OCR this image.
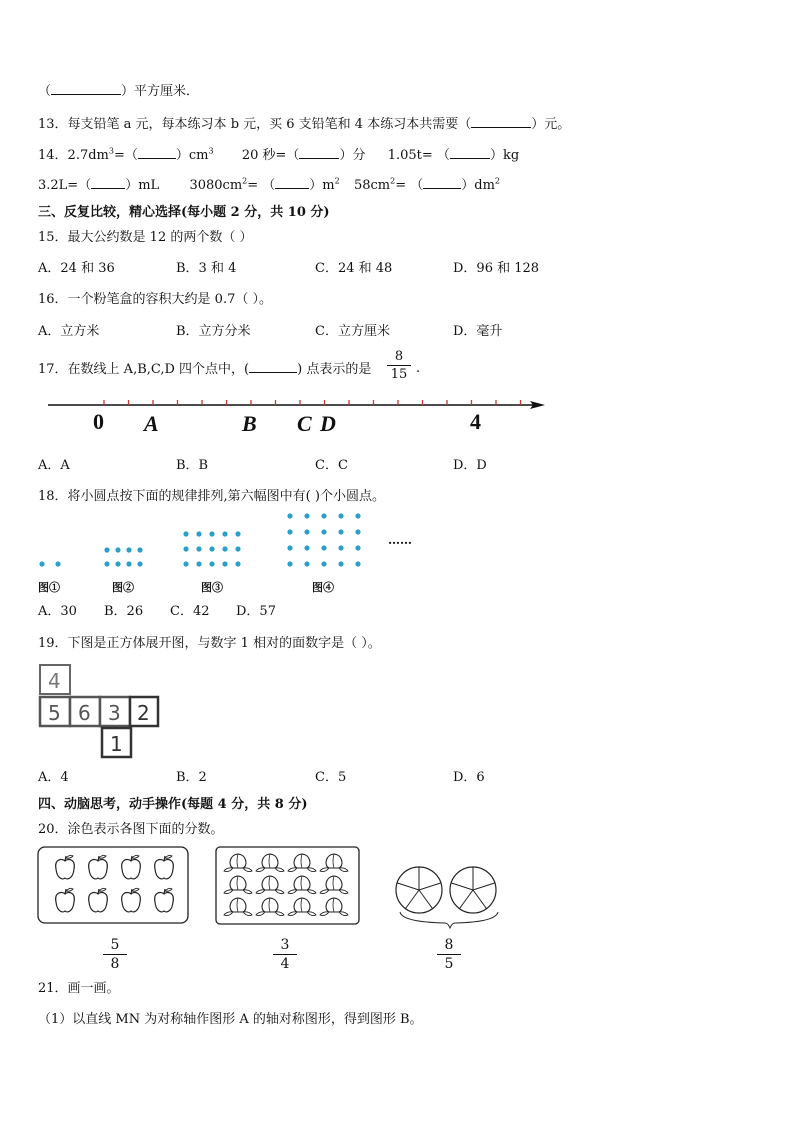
（	）平方厘米．
13．每支铅笔 a 元，每本练习本 b 元，买 6 支铅笔和 4 本练习本共需要（	）元。
14．$2.7dm^3=$（	）$cm^3$ 20 秒=（	）分 1.05t= （	）kg
3.2L=（	）mL $3080cm^2=$ （	）$m^2$ $58cm^2=$ （	）$dm^2$
三、反复比较，精心选择(每小题 2 分，共 10 分)
15．最大公约数是 12 的两个数（ ）
A．24 和 36	B．3 和 4	C．24 和 48	D．96 和 128
16．一个粉笔盒的容积大约是 0.7（ ）。
A．立方米	B．立方分米	C．立方厘米	D．毫升
17．在数线上 A,B,C,D 四个点中，(	) 点表示的是 $\frac{8}{15}$ .
0 A	B C D	4
A．A	B．B	C．C	D．D
18．将小圆点按下面的规律排列,第六幅图中有( )个小圆点。
……
图①	图②	图③	图④
A．30 B．26 C．42 D．57
19．下图是正方体展开图，与数字 1 相对的面数字是（ ）。
4
5 6 3 2
1
A．4	B．2	C．5	D．6
四、动脑思考，动手操作(每题 4 分，共 8 分)
20．涂色表示各图下面的分数。
$\frac{5}{8}$	$\frac{3}{4}$	$\frac{8}{5}$
21．画一画。
（1）以直线 MN 为对称轴作图形 A 的轴对称图形，得到图形 B。
